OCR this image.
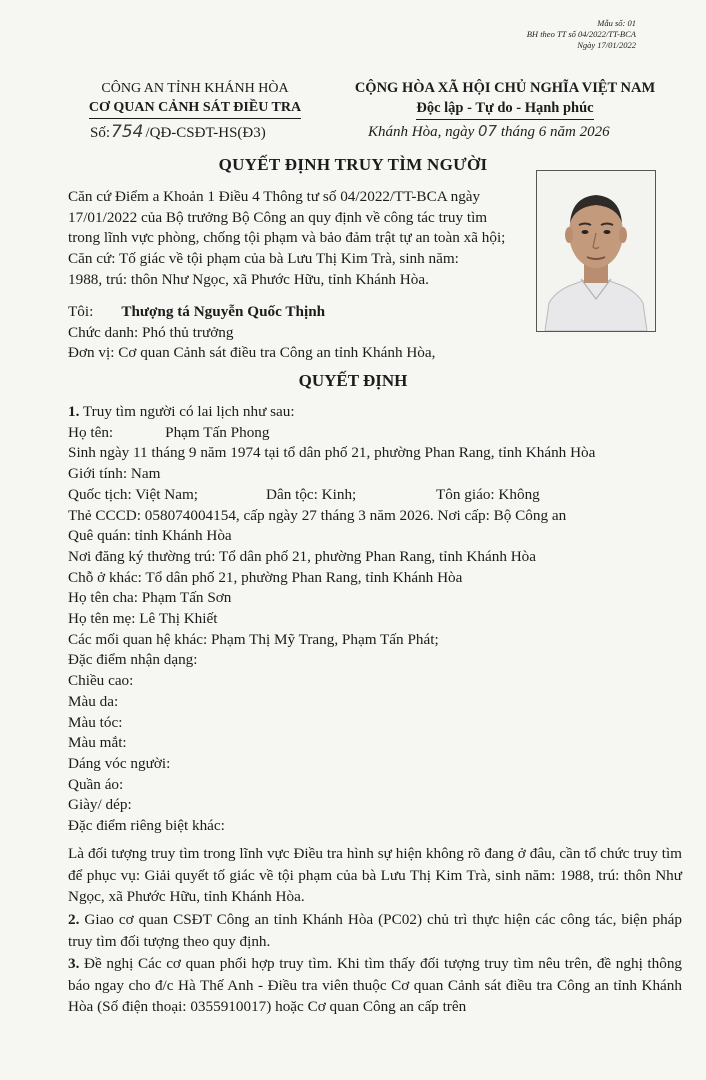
Mẫu số: 01
BH theo TT số 04/2022/TT-BCA
Ngày 17/01/2022
CÔNG AN TỈNH KHÁNH HÒA
CƠ QUAN CẢNH SÁT ĐIỀU TRA
CỘNG HÒA XÃ HỘI CHỦ NGHĨA VIỆT NAM
Độc lập - Tự do - Hạnh phúc
Số:754 /QĐ-CSĐT-HS(Đ3)	Khánh Hòa, ngày 07 tháng 6 năm 2026
QUYẾT ĐỊNH TRUY TÌM NGƯỜI
Căn cứ Điểm a Khoản 1 Điều 4 Thông tư số 04/2022/TT-BCA ngày
17/01/2022 của Bộ trưởng Bộ Công an quy định về công tác truy tìm
trong lĩnh vực phòng, chống tội phạm và bảo đảm trật tự an toàn xã hội;
Căn cứ: Tố giác về tội phạm của bà Lưu Thị Kim Trà, sinh năm:
1988, trú: thôn Như Ngọc, xã Phước Hữu, tỉnh Khánh Hòa.
Tôi: Thượng tá Nguyễn Quốc Thịnh
Chức danh: Phó thủ trưởng
Đơn vị: Cơ quan Cảnh sát điều tra Công an tỉnh Khánh Hòa,
QUYẾT ĐỊNH
1. Truy tìm người có lai lịch như sau:
Họ tên:	Phạm Tấn Phong
Sinh ngày 11 tháng 9 năm 1974 tại tổ dân phố 21, phường Phan Rang, tỉnh Khánh Hòa
Giới tính: Nam
Quốc tịch: Việt Nam;	Dân tộc: Kinh;	Tôn giáo: Không
Thẻ CCCD: 058074004154, cấp ngày 27 tháng 3 năm 2026. Nơi cấp: Bộ Công an
Quê quán: tỉnh Khánh Hòa
Nơi đăng ký thường trú: Tổ dân phố 21, phường Phan Rang, tỉnh Khánh Hòa
Chỗ ở khác: Tổ dân phố 21, phường Phan Rang, tỉnh Khánh Hòa
Họ tên cha: Phạm Tấn Sơn
Họ tên mẹ: Lê Thị Khiết
Các mối quan hệ khác: Phạm Thị Mỹ Trang, Phạm Tấn Phát;
Đặc điểm nhận dạng:
Chiều cao:
Màu da:
Màu tóc:
Màu mắt:
Dáng vóc người:
Quần áo:
Giày/ dép:
Đặc điểm riêng biệt khác:
Là đối tượng truy tìm trong lĩnh vực Điều tra hình sự hiện không rõ đang ở đâu, cần tổ chức truy tìm để phục vụ: Giải quyết tố giác về tội phạm của bà Lưu Thị Kim Trà, sinh năm: 1988, trú: thôn Như Ngọc, xã Phước Hữu, tỉnh Khánh Hòa.
2. Giao cơ quan CSĐT Công an tỉnh Khánh Hòa (PC02) chủ trì thực hiện các công tác, biện pháp truy tìm đối tượng theo quy định.
3. Đề nghị Các cơ quan phối hợp truy tìm. Khi tìm thấy đối tượng truy tìm nêu trên, đề nghị thông báo ngay cho đ/c Hà Thế Anh - Điều tra viên thuộc Cơ quan Cảnh sát điều tra Công an tỉnh Khánh Hòa (Số điện thoại: 0355910017) hoặc Cơ quan Công an cấp trên
